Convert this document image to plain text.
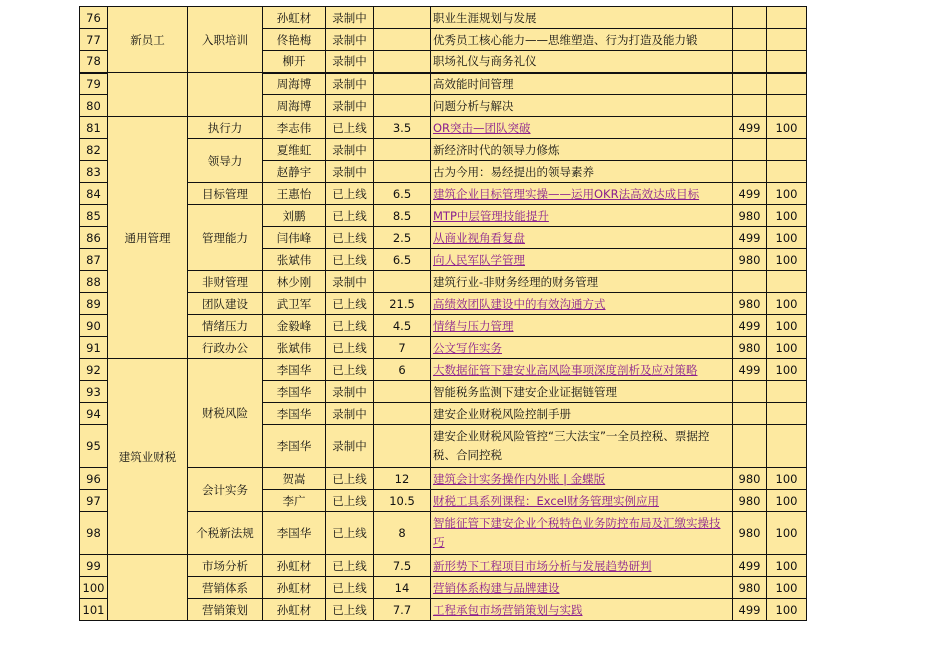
76	新员工	入职培训	孙虹材	录制中		职业生涯规划与发展		
77			佟艳梅	录制中		优秀员工核心能力——思维塑造、行为打造及能力锻		
78			柳开	录制中		职场礼仪与商务礼仪		
79			周海博	录制中		高效能时间管理		
80			周海博	录制中		问题分析与解决		
81	通用管理	执行力	李志伟	已上线	3.5	OR突击—团队突破	499	100
82		领导力	夏维虹	录制中		新经济时代的领导力修炼		
83			赵静宇	录制中		古为今用：易经提出的领导素养		
84		目标管理	王惠怡	已上线	6.5	建筑企业目标管理实操——运用OKR法高效达成目标	499	100
85		管理能力	刘鹏	已上线	8.5	MTP中层管理技能提升	980	100
86			闫伟峰	已上线	2.5	从商业视角看复盘	499	100
87			张斌伟	已上线	6.5	向人民军队学管理	980	100
88		非财管理	林少刚	录制中		建筑行业-非财务经理的财务管理		
89		团队建设	武卫军	已上线	21.5	高绩效团队建设中的有效沟通方式	980	100
90		情绪压力	金毅峰	已上线	4.5	情绪与压力管理	499	100
91		行政办公	张斌伟	已上线	7	公文写作实务	980	100
92	建筑业财税	财税风险	李国华	已上线	6	大数据征管下建安业高风险事项深度剖析及应对策略	499	100
93			李国华	录制中		智能税务监测下建安企业证据链管理		
94			李国华	录制中		建安企业财税风险控制手册		
95			李国华	录制中		建安企业财税风险管控“三大法宝”一全员控税、票据控税、合同控税		
96		会计实务	贺嵩	已上线	12	建筑会计实务操作内外账 | 金蝶版	980	100
97			李广	已上线	10.5	财税工具系列课程：Excel财务管理实例应用	980	100
98		个税新法规	李国华	已上线	8	智能征管下建安企业个税特色业务防控布局及汇缴实操技巧	980	100
99		市场分析	孙虹材	已上线	7.5	新形势下工程项目市场分析与发展趋势研判	499	100
100		营销体系	孙虹材	已上线	14	营销体系构建与品牌建设	980	100
101		营销策划	孙虹材	已上线	7.7	工程承包市场营销策划与实践	499	100
